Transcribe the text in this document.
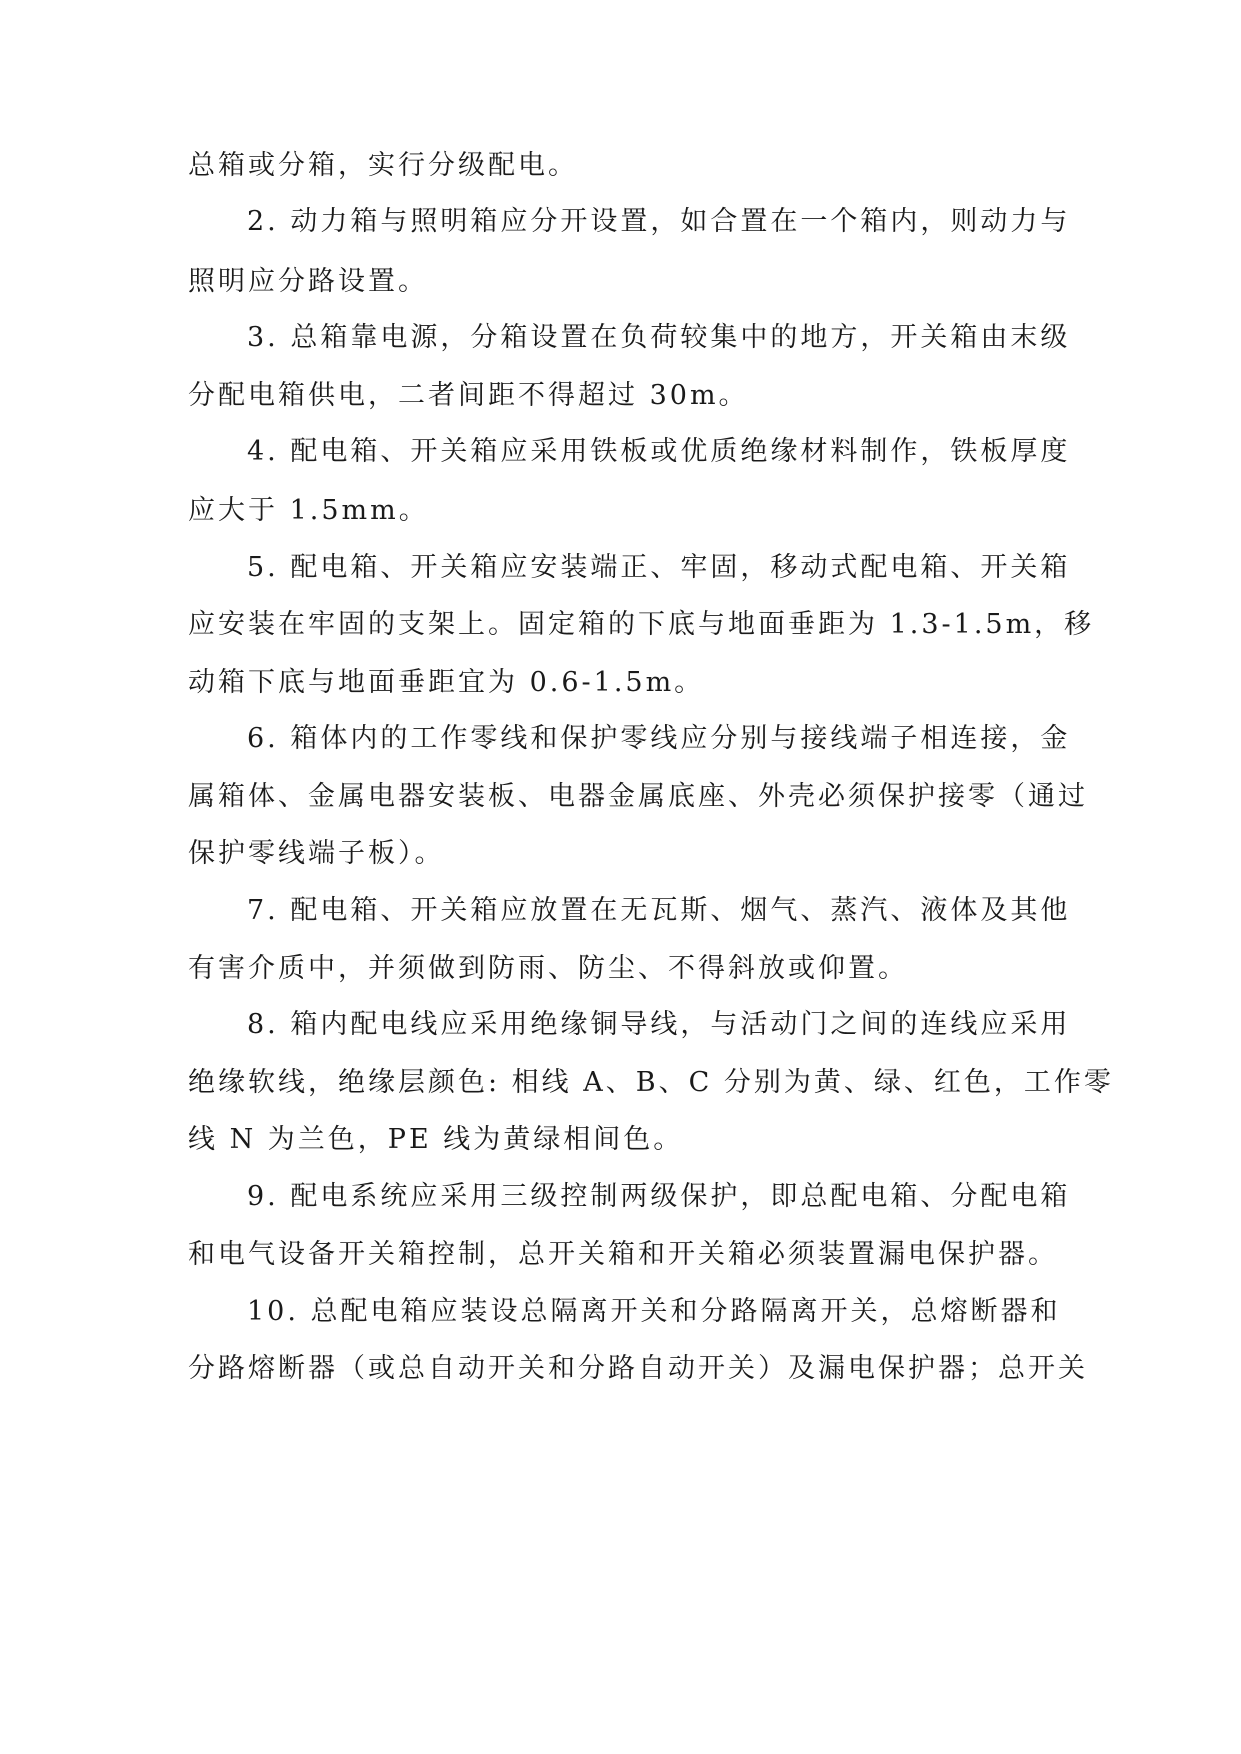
总箱或分箱，实行分级配电。
2. 动力箱与照明箱应分开设置，如合置在一个箱内，则动力与
照明应分路设置。
3. 总箱靠电源，分箱设置在负荷较集中的地方，开关箱由末级
分配电箱供电，二者间距不得超过 30m。
4. 配电箱、开关箱应采用铁板或优质绝缘材料制作，铁板厚度
应大于 1.5mm。
5. 配电箱、开关箱应安装端正、牢固，移动式配电箱、开关箱
应安装在牢固的支架上。固定箱的下底与地面垂距为 1.3-1.5m，移
动箱下底与地面垂距宜为 0.6-1.5m。
6. 箱体内的工作零线和保护零线应分别与接线端子相连接，金
属箱体、金属电器安装板、电器金属底座、外壳必须保护接零（通过
保护零线端子板）。
7. 配电箱、开关箱应放置在无瓦斯、烟气、蒸汽、液体及其他
有害介质中，并须做到防雨、防尘、不得斜放或仰置。
8. 箱内配电线应采用绝缘铜导线，与活动门之间的连线应采用
绝缘软线，绝缘层颜色: 相线 A、B、C 分别为黄、绿、红色，工作零
线 N 为兰色，PE 线为黄绿相间色。
9. 配电系统应采用三级控制两级保护，即总配电箱、分配电箱
和电气设备开关箱控制，总开关箱和开关箱必须装置漏电保护器。
10. 总配电箱应装设总隔离开关和分路隔离开关，总熔断器和
分路熔断器（或总自动开关和分路自动开关）及漏电保护器；总开关
